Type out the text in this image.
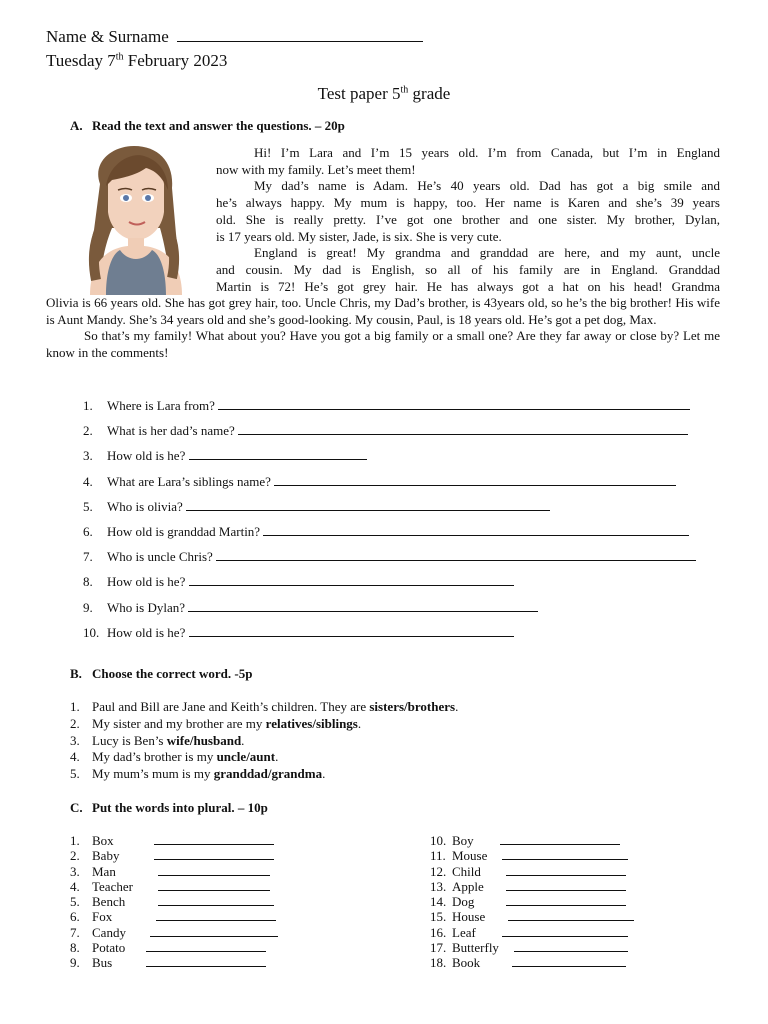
Name & Surname
Tuesday 7th February 2023
Test paper 5th grade
A. Read the text and answer the questions. – 20p
Hi! I’m Lara and I’m 15 years old. I’m from Canada, but I’m in England
now with my family. Let’s meet them!
My dad’s name is Adam. He’s 40 years old. Dad has got a big smile and
he’s always happy. My mum is happy, too. Her name is Karen and she’s 39 years
old. She is really pretty. I’ve got one brother and one sister. My brother, Dylan,
is 17 years old. My sister, Jade, is six. She is very cute.
England is great! My grandma and granddad are here, and my aunt, uncle
and cousin. My dad is English, so all of his family are in England. Granddad
Martin is 72! He’s got grey hair. He has always got a hat on his head! Grandma
Olivia is 66 years old. She has got grey hair, too. Uncle Chris, my Dad’s brother, is 43years old, so he’s the big brother! His wife is Aunt Mandy. She’s 34 years old and she’s good-looking. My cousin, Paul, is 18 years old. He’s got a pet dog, Max.
So that’s my family! What about you? Have you got a big family or a small one? Are they far away or close by? Let me know in the comments!
1. Where is Lara from?
2. What is her dad’s name?
3. How old is he?
4. What are Lara’s siblings name?
5. Who is olivia?
6. How old is granddad Martin?
7. Who is uncle Chris?
8. How old is he?
9. Who is Dylan?
10. How old is he?
B. Choose the correct word. -5p
1. Paul and Bill are Jane and Keith’s children. They are sisters/brothers.
2. My sister and my brother are my relatives/siblings.
3. Lucy is Ben’s wife/husband.
4. My dad’s brother is my uncle/aunt.
5. My mum’s mum is my granddad/grandma.
C. Put the words into plural. – 10p
1. Box
2. Baby
3. Man
4. Teacher
5. Bench
6. Fox
7. Candy
8. Potato
9. Bus
10. Boy
11. Mouse
12. Child
13. Apple
14. Dog
15. House
16. Leaf
17. Butterfly
18. Book
